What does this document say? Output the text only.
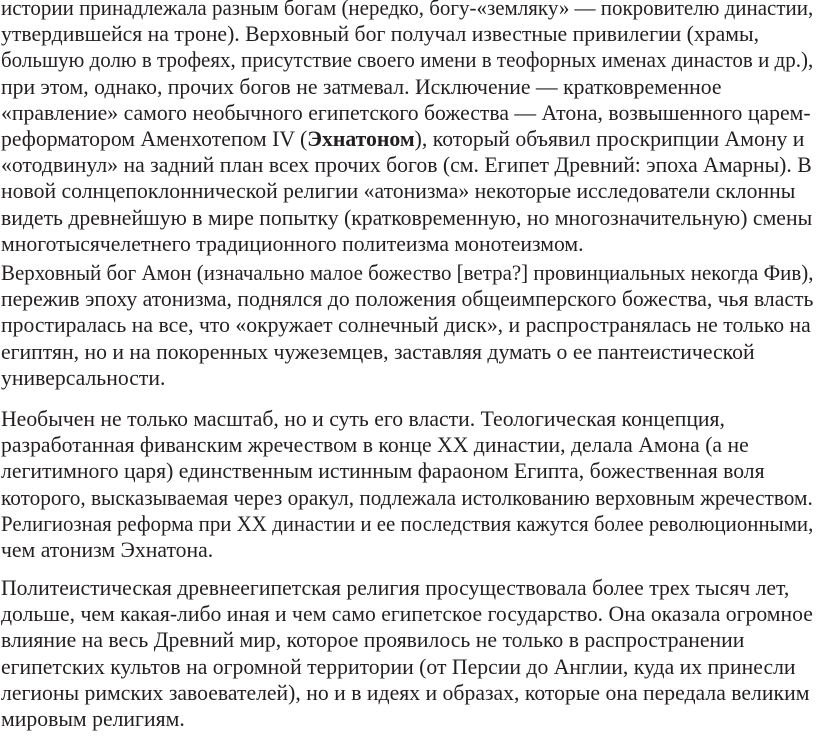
истории принадлежала разным богам (нередко, богу-«земляку» — покровителю династии,
утвердившейся на троне). Верховный бог получал известные привилегии (храмы,
большую долю в трофеях, присутствие своего имени в теофорных именах династов и др.),
при этом, однако, прочих богов не затмевал. Исключение — кратковременное
«правление» самого необычного египетского божества — Атона, возвышенного царем-
реформатором Аменхотепом IV (Эхнатоном), который объявил проскрипции Амону и
«отодвинул» на задний план всех прочих богов (см. Египет Древний: эпоха Амарны). В
новой солнцепоклоннической религии «атонизма» некоторые исследователи склонны
видеть древнейшую в мире попытку (кратковременную, но многозначительную) смены
многотысячелетнего традиционного политеизма монотеизмом.
Верховный бог Амон (изначально малое божество [ветра?] провинциальных некогда Фив),
пережив эпоху атонизма, поднялся до положения общеимперского божества, чья власть
простиралась на все, что «окружает солнечный диск», и распространялась не только на
египтян, но и на покоренных чужеземцев, заставляя думать о ее пантеистической
универсальности.
Необычен не только масштаб, но и суть его власти. Теологическая концепция,
разработанная фиванским жречеством в конце XX династии, делала Амона (а не
легитимного царя) единственным истинным фараоном Египта, божественная воля
которого, высказываемая через оракул, подлежала истолкованию верховным жречеством.
Религиозная реформа при XX династии и ее последствия кажутся более революционными,
чем атонизм Эхнатона.
Политеистическая древнеегипетская религия просуществовала более трех тысяч лет,
дольше, чем какая-либо иная и чем само египетское государство. Она оказала огромное
влияние на весь Древний мир, которое проявилось не только в распространении
египетских культов на огромной территории (от Персии до Англии, куда их принесли
легионы римских завоевателей), но и в идеях и образах, которые она передала великим
мировым религиям.
